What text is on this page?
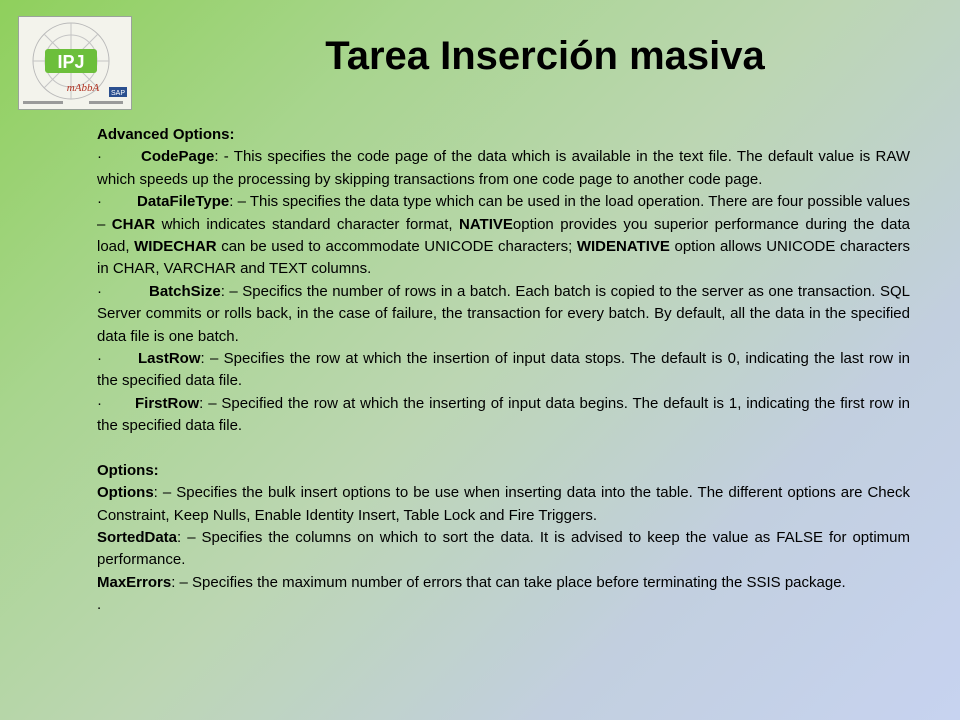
IPJ
mAbbA SAP
Tarea Inserción masiva

Advanced Options:

·	CodePage: - This specifies the code page of the data which is available in the text file. The default value is RAW which speeds up the processing by skipping transactions from one code page to another code page.

· DataFileType: – This specifies the data type which can be used in the load operation. There are four possible values – CHAR which indicates standard character format, NATIVEoption provides you superior performance during the data load, WIDECHAR can be used to accommodate UNICODE characters; WIDENATIVE option allows UNICODE characters in CHAR, VARCHAR and TEXT columns.

·	BatchSize: – Specifics the number of rows in a batch. Each batch is copied to the server as one transaction. SQL Server commits or rolls back, in the case of failure, the transaction for every batch. By default, all the data in the specified data file is one batch.

· LastRow: – Specifies the row at which the insertion of input data stops. The default is 0, indicating the last row in the specified data file.

· FirstRow: – Specified the row at which the inserting of input data begins. The default is 1, indicating the first row in the specified data file.

Options:

Options: – Specifies the bulk insert options to be use when inserting data into the table. The different options are Check Constraint, Keep Nulls, Enable Identity Insert, Table Lock and Fire Triggers.

SortedData: – Specifies the columns on which to sort the data. It is advised to keep the value as FALSE for optimum performance.

MaxErrors: – Specifies the maximum number of errors that can take place before terminating the SSIS package.

.
